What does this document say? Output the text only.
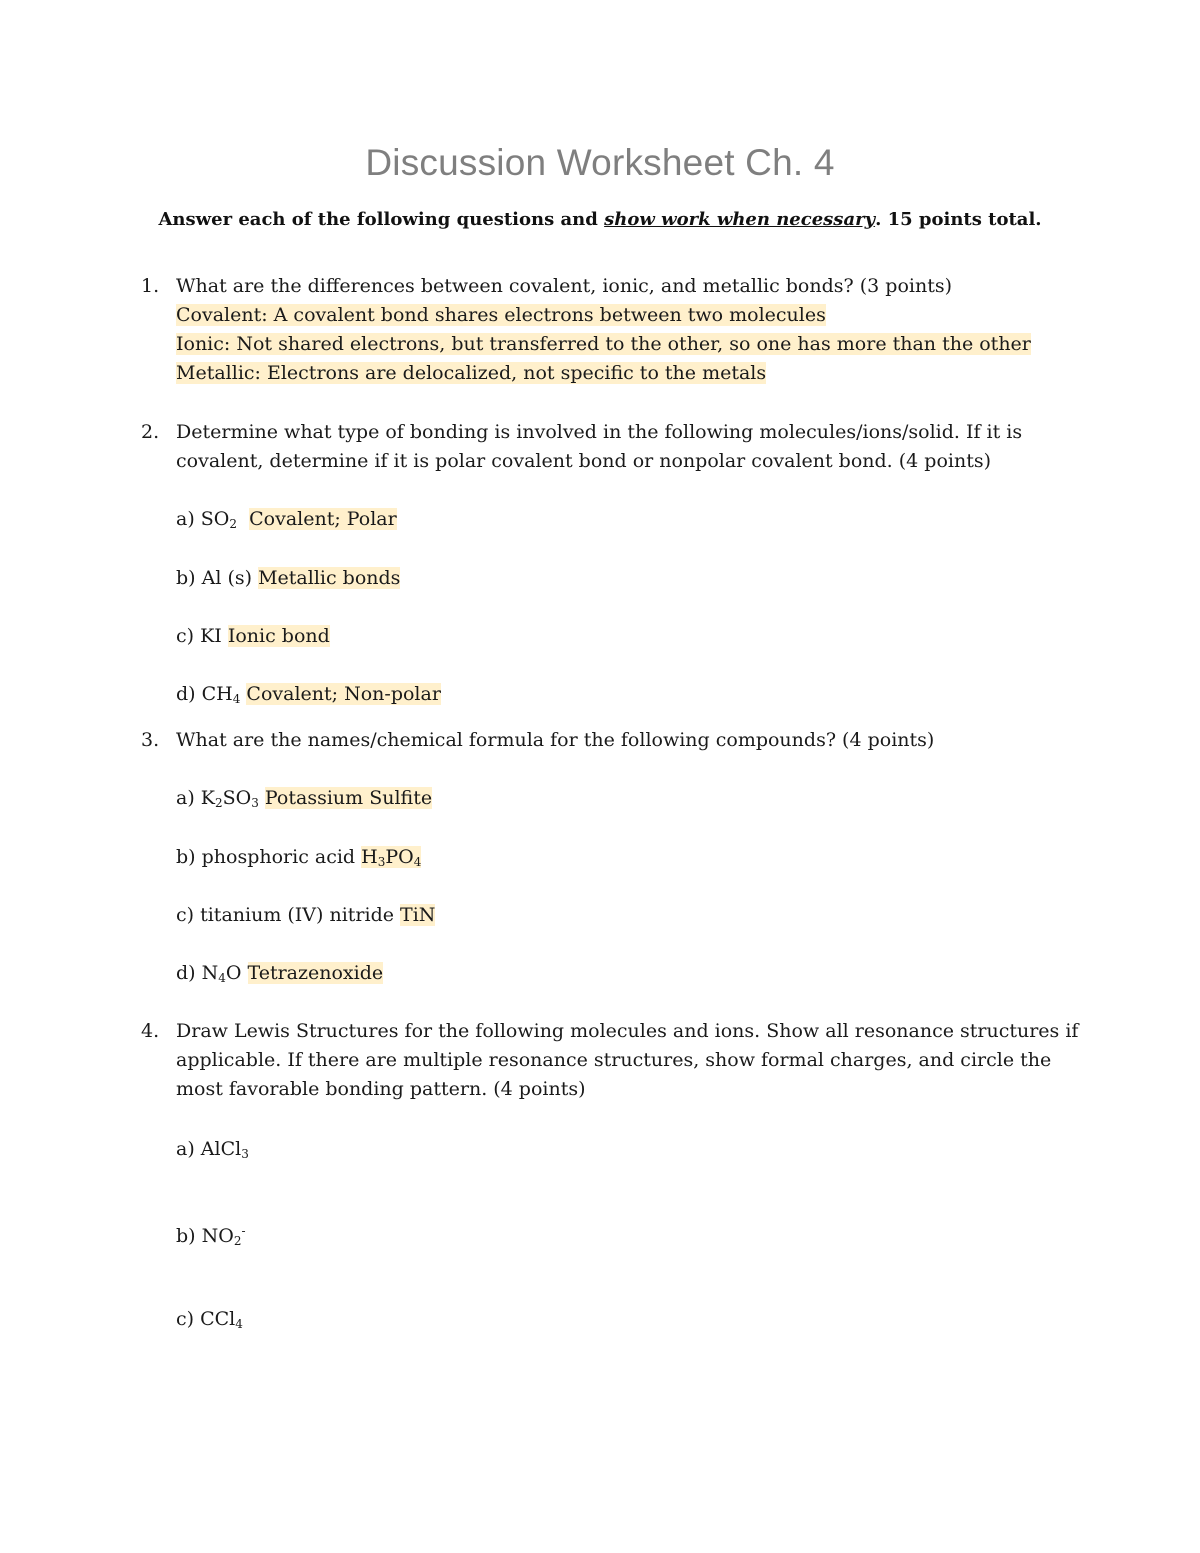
Discussion Worksheet Ch. 4
Answer each of the following questions and show work when necessary. 15 points total.
1. What are the differences between covalent, ionic, and metallic bonds? (3 points)
Covalent: A covalent bond shares electrons between two molecules
Ionic: Not shared electrons, but transferred to the other, so one has more than the other
Metallic: Electrons are delocalized, not specific to the metals
2. Determine what type of bonding is involved in the following molecules/ions/solid. If it is
covalent, determine if it is polar covalent bond or nonpolar covalent bond. (4 points)
a) $SO_2$ Covalent; Polar
b) Al (s) Metallic bonds
c) KI Ionic bond
d) $CH_4$ Covalent; Non-polar
3. What are the names/chemical formula for the following compounds? (4 points)
a) $K_2SO_3$ Potassium Sulfite
b) phosphoric acid $H_3PO_4$
c) titanium (IV) nitride TiN
d) $N_4O$ Tetrazenoxide
4. Draw Lewis Structures for the following molecules and ions. Show all resonance structures if
applicable. If there are multiple resonance structures, show formal charges, and circle the
most favorable bonding pattern. (4 points)
a) AlCl$_3$
b) $NO_2^-$
c) CCl$_4$
